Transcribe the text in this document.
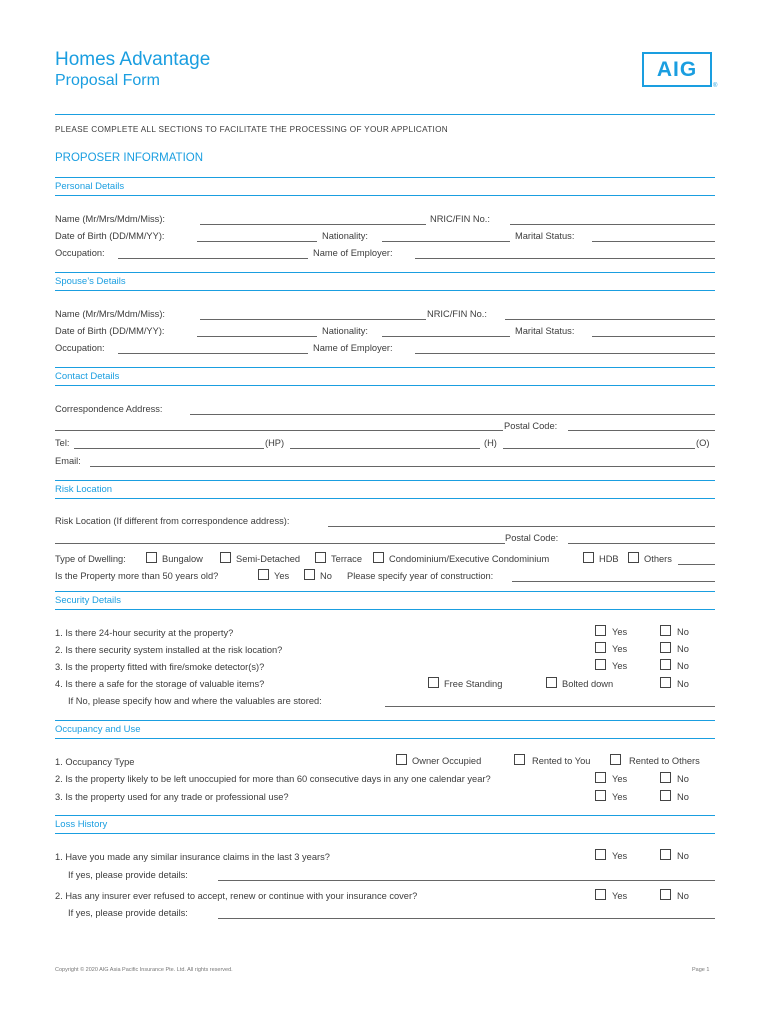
Homes Advantage
Proposal Form	AIG
®
PLEASE COMPLETE ALL SECTIONS TO FACILITATE THE PROCESSING OF YOUR APPLICATION
PROPOSER INFORMATION
Personal Details
Name (Mr/Mrs/Mdm/Miss):	NRIC/FIN No.:
Date of Birth (DD/MM/YY):	Nationality:	Marital Status:
Occupation:	Name of Employer:
Spouse’s Details
Name (Mr/Mrs/Mdm/Miss):	NRIC/FIN No.:
Date of Birth (DD/MM/YY):	Nationality:	Marital Status:
Occupation:	Name of Employer:
Contact Details
Correspondence Address:
Postal Code:
Tel:	(HP)	(H)	(O)
Email:
Risk Location
Risk Location (If different from correspondence address):
Postal Code:
Type of Dwelling:	Bungalow	Semi-Detached	Terrace	Condominium/Executive Condominium	HDB	Others
Is the Property more than 50 years old?	Yes	No Please specify year of construction:
Security Details
1. Is there 24-hour security at the property?	Yes	No
2. Is there security system installed at the risk location?	Yes	No
3. Is the property fitted with fire/smoke detector(s)?	Yes	No
4. Is there a safe for the storage of valuable items?	Free Standing	Bolted down	No
If No, please specify how and where the valuables are stored:
Occupancy and Use
1. Occupancy Type	Owner Occupied	Rented to You	Rented to Others
2. Is the property likely to be left unoccupied for more than 60 consecutive days in any one calendar year?	Yes	No
3. Is the property used for any trade or professional use?	Yes	No
Loss History
1. Have you made any similar insurance claims in the last 3 years?	Yes	No
If yes, please provide details:
2. Has any insurer ever refused to accept, renew or continue with your insurance cover?	Yes	No
If yes, please provide details:
Copyright © 2020 AIG Asia Pacific Insurance Pte. Ltd. All rights reserved.	Page 1
